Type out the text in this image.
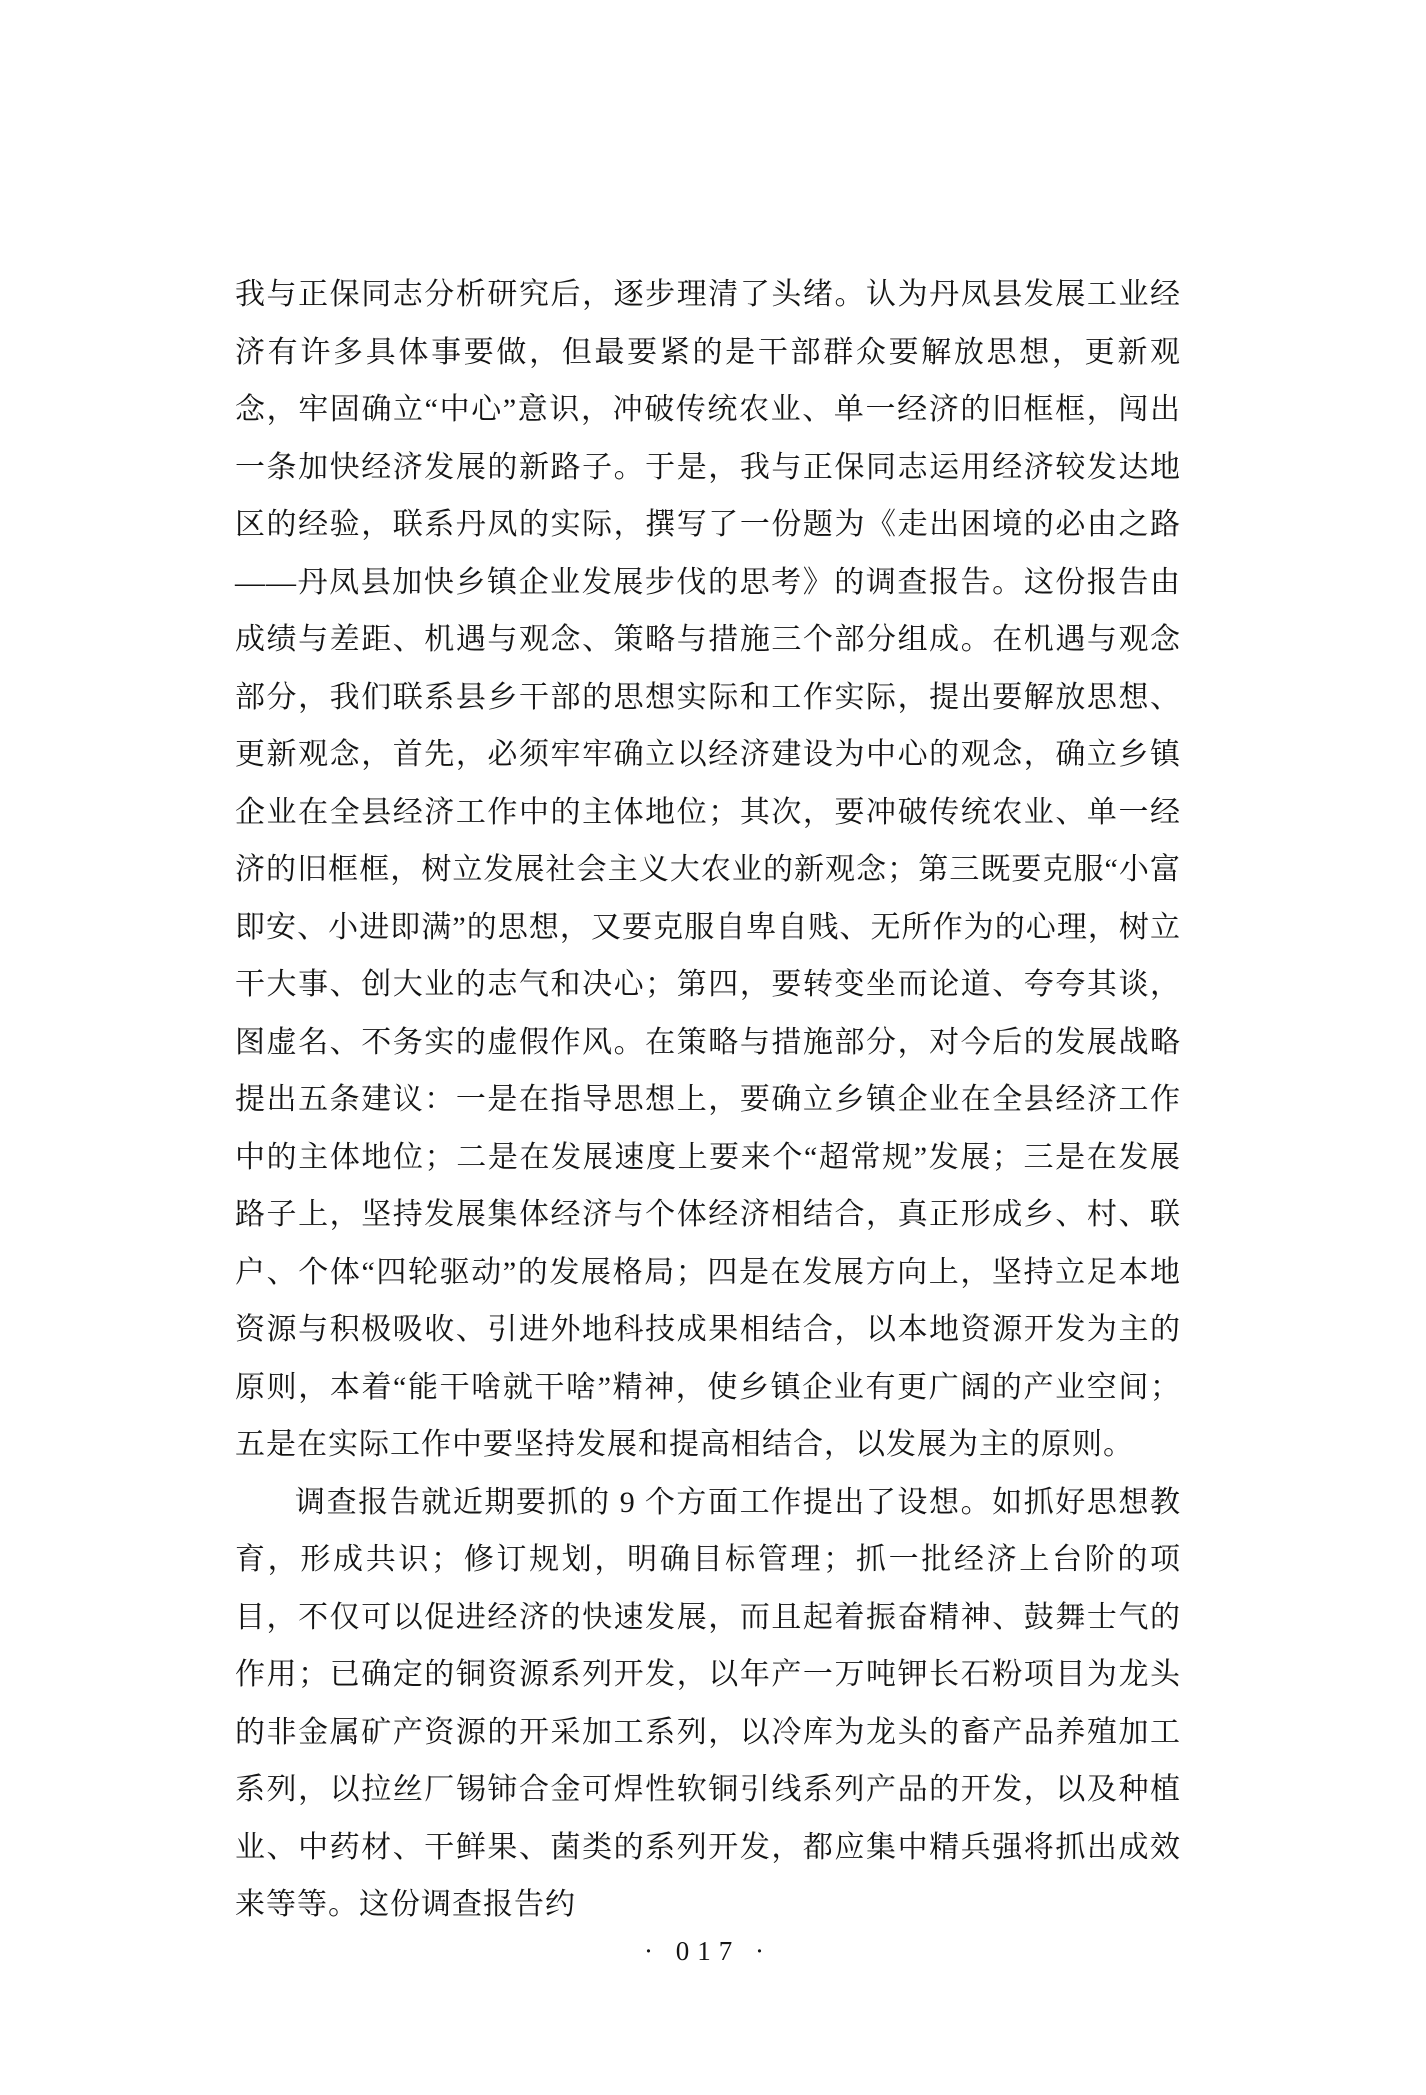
我与正保同志分析研究后，逐步理清了头绪。认为丹凤县发展工业经济有许多具体事要做，但最要紧的是干部群众要解放思想，更新观念，牢固确立“中心”意识，冲破传统农业、单一经济的旧框框，闯出一条加快经济发展的新路子。于是，我与正保同志运用经济较发达地区的经验，联系丹凤的实际，撰写了一份题为《走出困境的必由之路——丹凤县加快乡镇企业发展步伐的思考》的调查报告。这份报告由成绩与差距、机遇与观念、策略与措施三个部分组成。在机遇与观念部分，我们联系县乡干部的思想实际和工作实际，提出要解放思想、更新观念，首先，必须牢牢确立以经济建设为中心的观念，确立乡镇企业在全县经济工作中的主体地位；其次，要冲破传统农业、单一经济的旧框框，树立发展社会主义大农业的新观念；第三既要克服“小富即安、小进即满”的思想，又要克服自卑自贱、无所作为的心理，树立干大事、创大业的志气和决心；第四，要转变坐而论道、夸夸其谈，图虚名、不务实的虚假作风。在策略与措施部分，对今后的发展战略提出五条建议：一是在指导思想上，要确立乡镇企业在全县经济工作中的主体地位；二是在发展速度上要来个“超常规”发展；三是在发展路子上，坚持发展集体经济与个体经济相结合，真正形成乡、村、联户、个体“四轮驱动”的发展格局；四是在发展方向上，坚持立足本地资源与积极吸收、引进外地科技成果相结合，以本地资源开发为主的原则，本着“能干啥就干啥”精神，使乡镇企业有更广阔的产业空间；五是在实际工作中要坚持发展和提高相结合，以发展为主的原则。

调查报告就近期要抓的 9 个方面工作提出了设想。如抓好思想教育，形成共识；修订规划，明确目标管理；抓一批经济上台阶的项目，不仅可以促进经济的快速发展，而且起着振奋精神、鼓舞士气的作用；已确定的铜资源系列开发，以年产一万吨钾长石粉项目为龙头的非金属矿产资源的开采加工系列，以冷库为龙头的畜产品养殖加工系列，以拉丝厂锡铈合金可焊性软铜引线系列产品的开发，以及种植业、中药材、干鲜果、菌类的系列开发，都应集中精兵强将抓出成效来等等。这份调查报告约

· 017 ·
